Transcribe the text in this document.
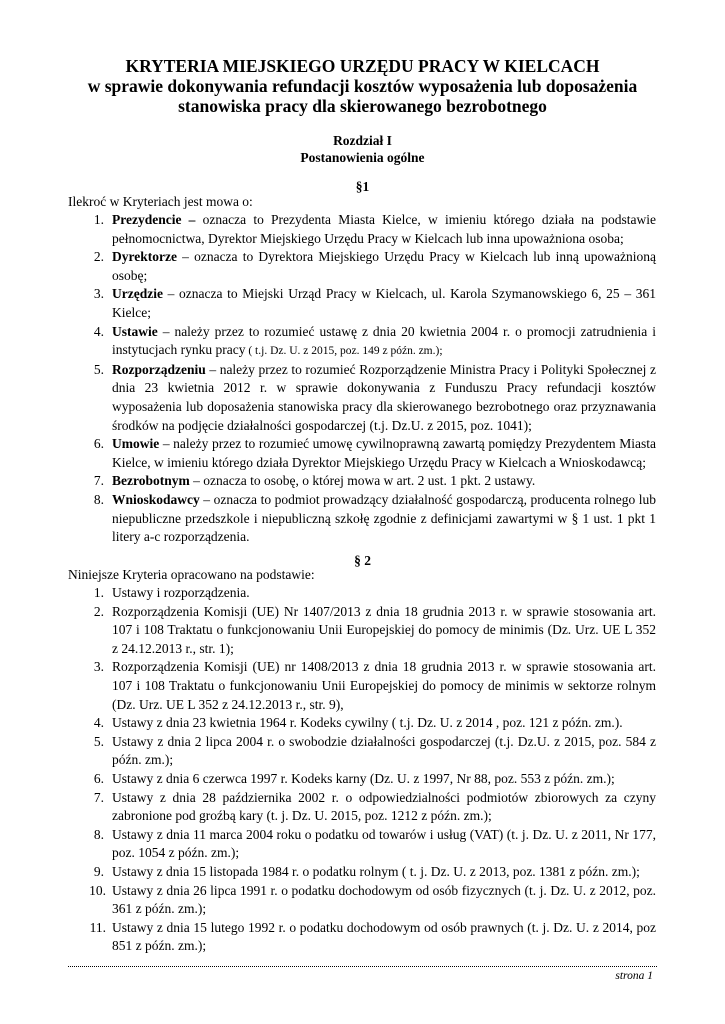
KRYTERIA MIEJSKIEGO URZĘDU PRACY W KIELCACH

w sprawie dokonywania refundacji kosztów wyposażenia lub doposażenia

stanowiska pracy dla skierowanego bezrobotnego

Rozdział I
Postanowienia ogólne
§1
Ilekroć w Kryteriach jest mowa o:
1. Prezydencie – oznacza to Prezydenta Miasta Kielce, w imieniu którego działa na podstawie pełnomocnictwa, Dyrektor Miejskiego Urzędu Pracy w Kielcach lub inna upoważniona osoba;
2. Dyrektorze – oznacza to Dyrektora Miejskiego Urzędu Pracy w Kielcach lub inną upoważnioną osobę;
3. Urzędzie – oznacza to Miejski Urząd Pracy w Kielcach, ul. Karola Szymanowskiego 6, 25 – 361 Kielce;
4. Ustawie – należy przez to rozumieć ustawę z dnia 20 kwietnia 2004 r. o promocji zatrudnienia i instytucjach rynku pracy ( t.j. Dz. U. z 2015, poz. 149 z późn. zm.);
5. Rozporządzeniu – należy przez to rozumieć Rozporządzenie Ministra Pracy i Polityki Społecznej z dnia 23 kwietnia 2012 r. w sprawie dokonywania z Funduszu Pracy refundacji kosztów wyposażenia lub doposażenia stanowiska pracy dla skierowanego bezrobotnego oraz przyznawania środków na podjęcie działalności gospodarczej (t.j. Dz.U. z 2015, poz. 1041);
6. Umowie – należy przez to rozumieć umowę cywilnoprawną zawartą pomiędzy Prezydentem Miasta Kielce, w imieniu którego działa Dyrektor Miejskiego Urzędu Pracy w Kielcach a Wnioskodawcą;
7. Bezrobotnym – oznacza to osobę, o której mowa w art. 2 ust. 1 pkt. 2 ustawy.
8. Wnioskodawcy – oznacza to podmiot prowadzący działalność gospodarczą, producenta rolnego lub niepubliczne przedszkole i niepubliczną szkołę zgodnie z definicjami zawartymi w § 1 ust. 1 pkt 1 litery a-c rozporządzenia.
§ 2
Niniejsze Kryteria opracowano na podstawie:
1. Ustawy i rozporządzenia.
2. Rozporządzenia Komisji (UE) Nr 1407/2013 z dnia 18 grudnia 2013 r. w sprawie stosowania art. 107 i 108 Traktatu o funkcjonowaniu Unii Europejskiej do pomocy de minimis (Dz. Urz. UE L 352 z 24.12.2013 r., str. 1);
3. Rozporządzenia Komisji (UE) nr 1408/2013 z dnia 18 grudnia 2013 r. w sprawie stosowania art. 107 i 108 Traktatu o funkcjonowaniu Unii Europejskiej do pomocy de minimis w sektorze rolnym (Dz. Urz. UE L 352 z 24.12.2013 r., str. 9),
4. Ustawy z dnia 23 kwietnia 1964 r. Kodeks cywilny ( t.j. Dz. U. z 2014 , poz. 121 z późn. zm.).
5. Ustawy z dnia 2 lipca 2004 r. o swobodzie działalności gospodarczej (t.j. Dz.U. z 2015, poz. 584 z późn. zm.);
6. Ustawy z dnia 6 czerwca 1997 r. Kodeks karny (Dz. U. z 1997, Nr 88, poz. 553 z późn. zm.);
7. Ustawy z dnia 28 października 2002 r. o odpowiedzialności podmiotów zbiorowych za czyny zabronione pod groźbą kary (t. j. Dz. U. 2015, poz. 1212 z późn. zm.);
8. Ustawy z dnia 11 marca 2004 roku o podatku od towarów i usług (VAT) (t. j. Dz. U. z 2011, Nr 177, poz. 1054 z późn. zm.);
9. Ustawy z dnia 15 listopada 1984 r. o podatku rolnym ( t. j. Dz. U. z 2013, poz. 1381 z późn. zm.);
10. Ustawy z dnia 26 lipca 1991 r. o podatku dochodowym od osób fizycznych (t. j. Dz. U. z 2012, poz. 361 z późn. zm.);
11. Ustawy z dnia 15 lutego 1992 r. o podatku dochodowym od osób prawnych (t. j. Dz. U. z 2014, poz 851 z późn. zm.);
strona 1
